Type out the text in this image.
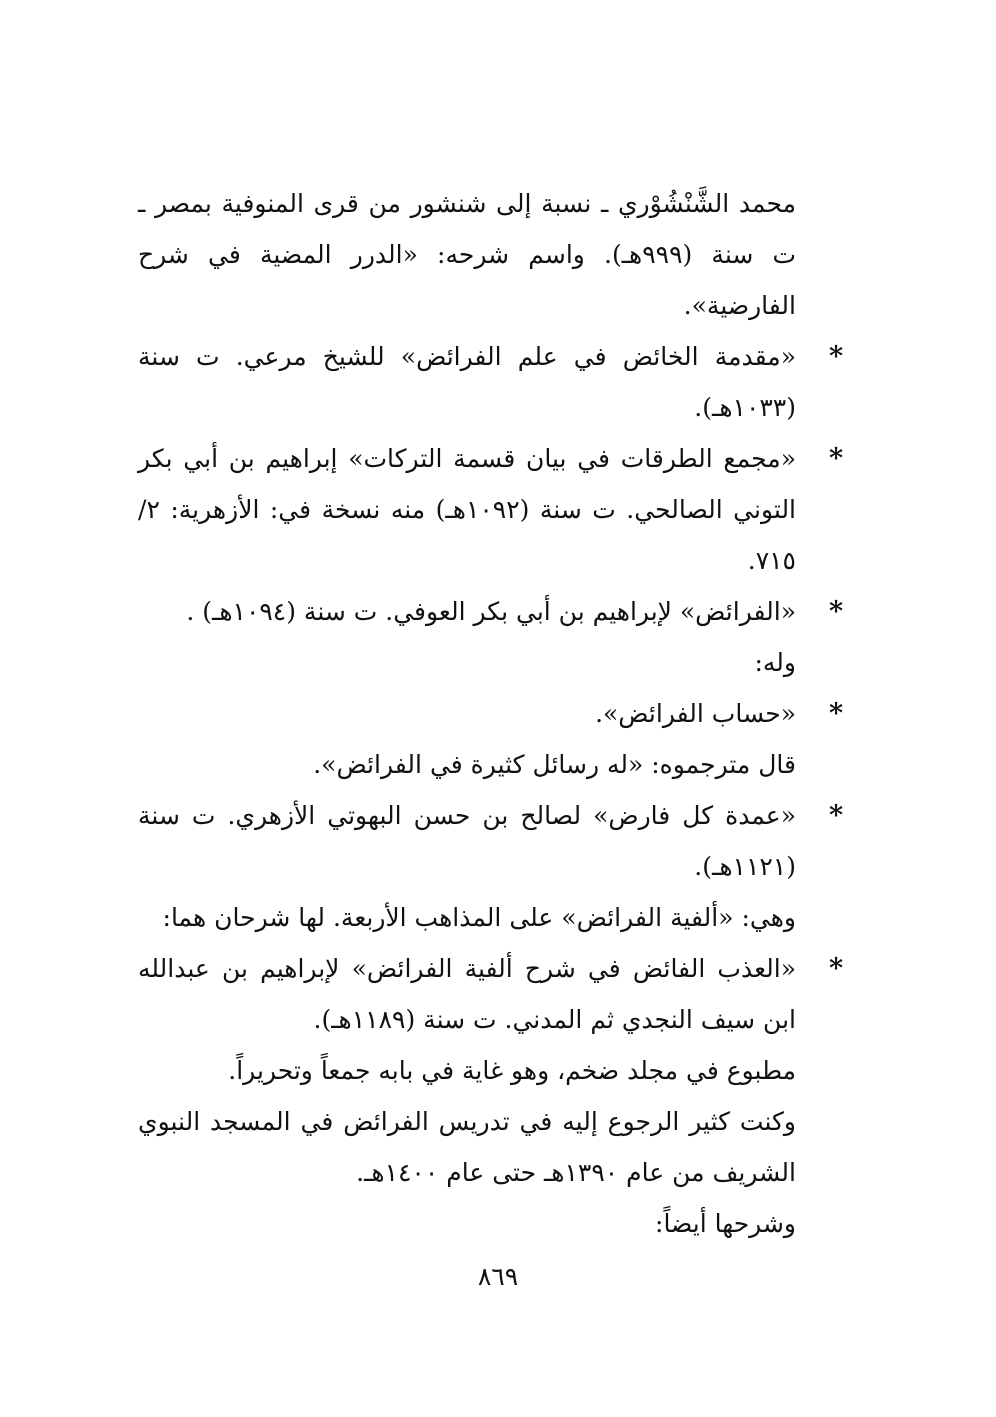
محمد الشَّنْشُوْري ـ نسبة إلى شنشور من قرى المنوفية بمصر ـ ت سنة (٩٩٩هـ). واسم شرحه: «الدرر المضية في شرح الفارضية».

*
«مقدمة الخائض في علم الفرائض» للشيخ مرعي. ت سنة (١٠٣٣هـ).
*
«مجمع الطرقات في بيان قسمة التركات» إبراهيم بن أبي بكر التوني الصالحي. ت سنة (١٠٩٢هـ) منه نسخة في: الأزهرية: ٢/ ٧١٥.
*
«الفرائض» لإبراهيم بن أبي بكر العوفي. ت سنة (١٠٩٤هـ) .

وله:

*
«حساب الفرائض».

قال مترجموه: «له رسائل كثيرة في الفرائض».

*
«عمدة كل فارض» لصالح بن حسن البهوتي الأزهري. ت سنة (١١٢١هـ).

وهي: «ألفية الفرائض» على المذاهب الأربعة. لها شرحان هما:

*
«العذب الفائض في شرح ألفية الفرائض» لإبراهيم بن عبدالله ابن سيف النجدي ثم المدني. ت سنة (١١٨٩هـ).

مطبوع في مجلد ضخم، وهو غاية في بابه جمعاً وتحريراً.

وكنت كثير الرجوع إليه في تدريس الفرائض في المسجد النبوي الشريف من عام ١٣٩٠هـ حتى عام ١٤٠٠هـ.

وشرحها أيضاً:

٨٦٩
